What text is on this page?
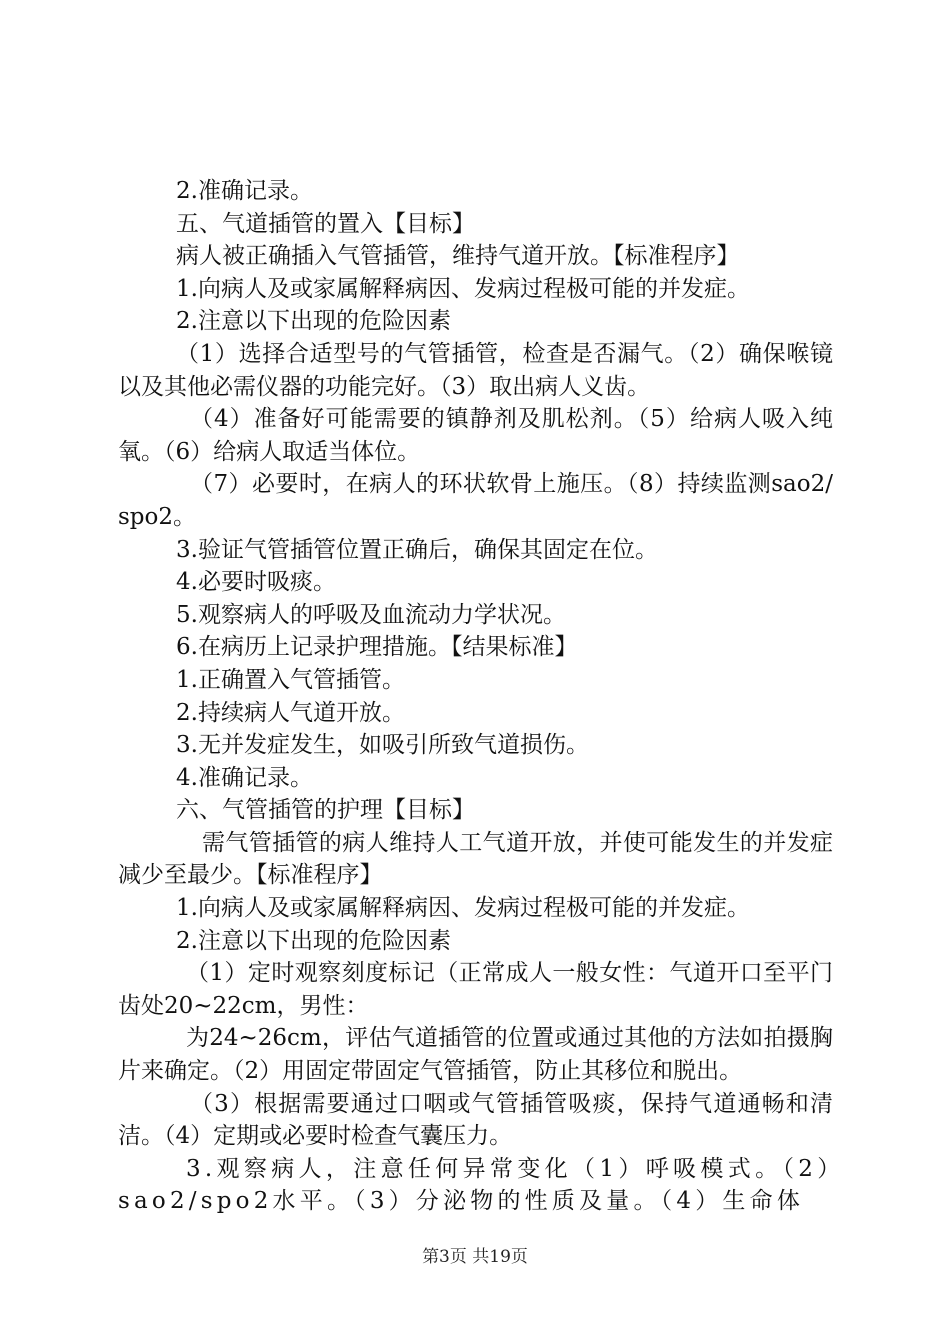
2.准确记录。

五、气道插管的置入【目标】

病人被正确插入气管插管，维持气道开放。【标准程序】

1.向病人及或家属解释病因、发病过程极可能的并发症。

2.注意以下出现的危险因素

（1）选择合适型号的气管插管，检查是否漏气。（2）确保喉镜以及其他必需仪器的功能完好。（3）取出病人义齿。

（4）准备好可能需要的镇静剂及肌松剂。（5）给病人吸入纯氧。（6）给病人取适当体位。

（7）必要时，在病人的环状软骨上施压。（8）持续监测sao2/spo2。

3.验证气管插管位置正确后，确保其固定在位。

4.必要时吸痰。

5.观察病人的呼吸及血流动力学状况。

6.在病历上记录护理措施。【结果标准】

1.正确置入气管插管。

2.持续病人气道开放。

3.无并发症发生，如吸引所致气道损伤。

4.准确记录。

六、气管插管的护理【目标】

需气管插管的病人维持人工气道开放，并使可能发生的并发症减少至最少。【标准程序】

1.向病人及或家属解释病因、发病过程极可能的并发症。

2.注意以下出现的危险因素

（1）定时观察刻度标记（正常成人一般女性：气道开口至平门齿处20~22cm，男性：

为24~26cm，评估气道插管的位置或通过其他的方法如拍摄胸片来确定。（2）用固定带固定气管插管，防止其移位和脱出。

（3）根据需要通过口咽或气管插管吸痰，保持气道通畅和清洁。（4）定期或必要时检查气囊压力。

3.观察病人，注意任何异常变化（1）呼吸模式。（2）sao2/spo2水平。（3）分泌物的性质及量。（4）生命体

第3页 共19页
